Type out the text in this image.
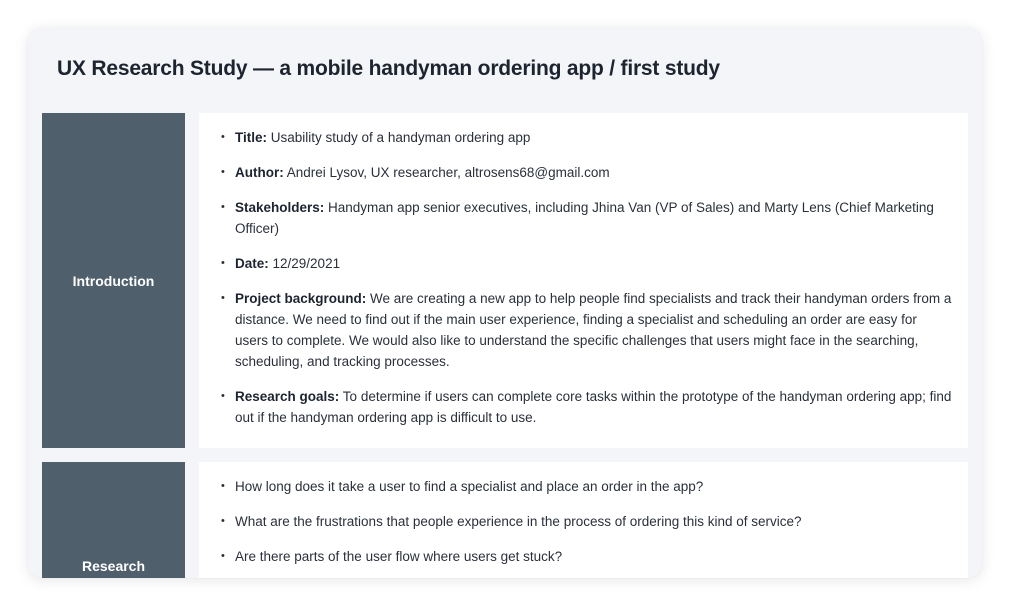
UX Research Study — a mobile handyman ordering app / first study
Introduction
• Title: Usability study of a handyman ordering app
• Author: Andrei Lysov, UX researcher, altrosens68@gmail.com
• Stakeholders: Handyman app senior executives, including Jhina Van (VP of Sales) and Marty Lens (Chief Marketing Officer)
• Date: 12/29/2021
• Project background: We are creating a new app to help people find specialists and track their handyman orders from a distance. We need to find out if the main user experience, finding a specialist and scheduling an order are easy for users to complete. We would also like to understand the specific challenges that users might face in the searching, scheduling, and tracking processes.
• Research goals: To determine if users can complete core tasks within the prototype of the handyman ordering app; find out if the handyman ordering app is difficult to use.
Research
• How long does it take a user to find a specialist and place an order in the app?
• What are the frustrations that people experience in the process of ordering this kind of service?
• Are there parts of the user flow where users get stuck?
